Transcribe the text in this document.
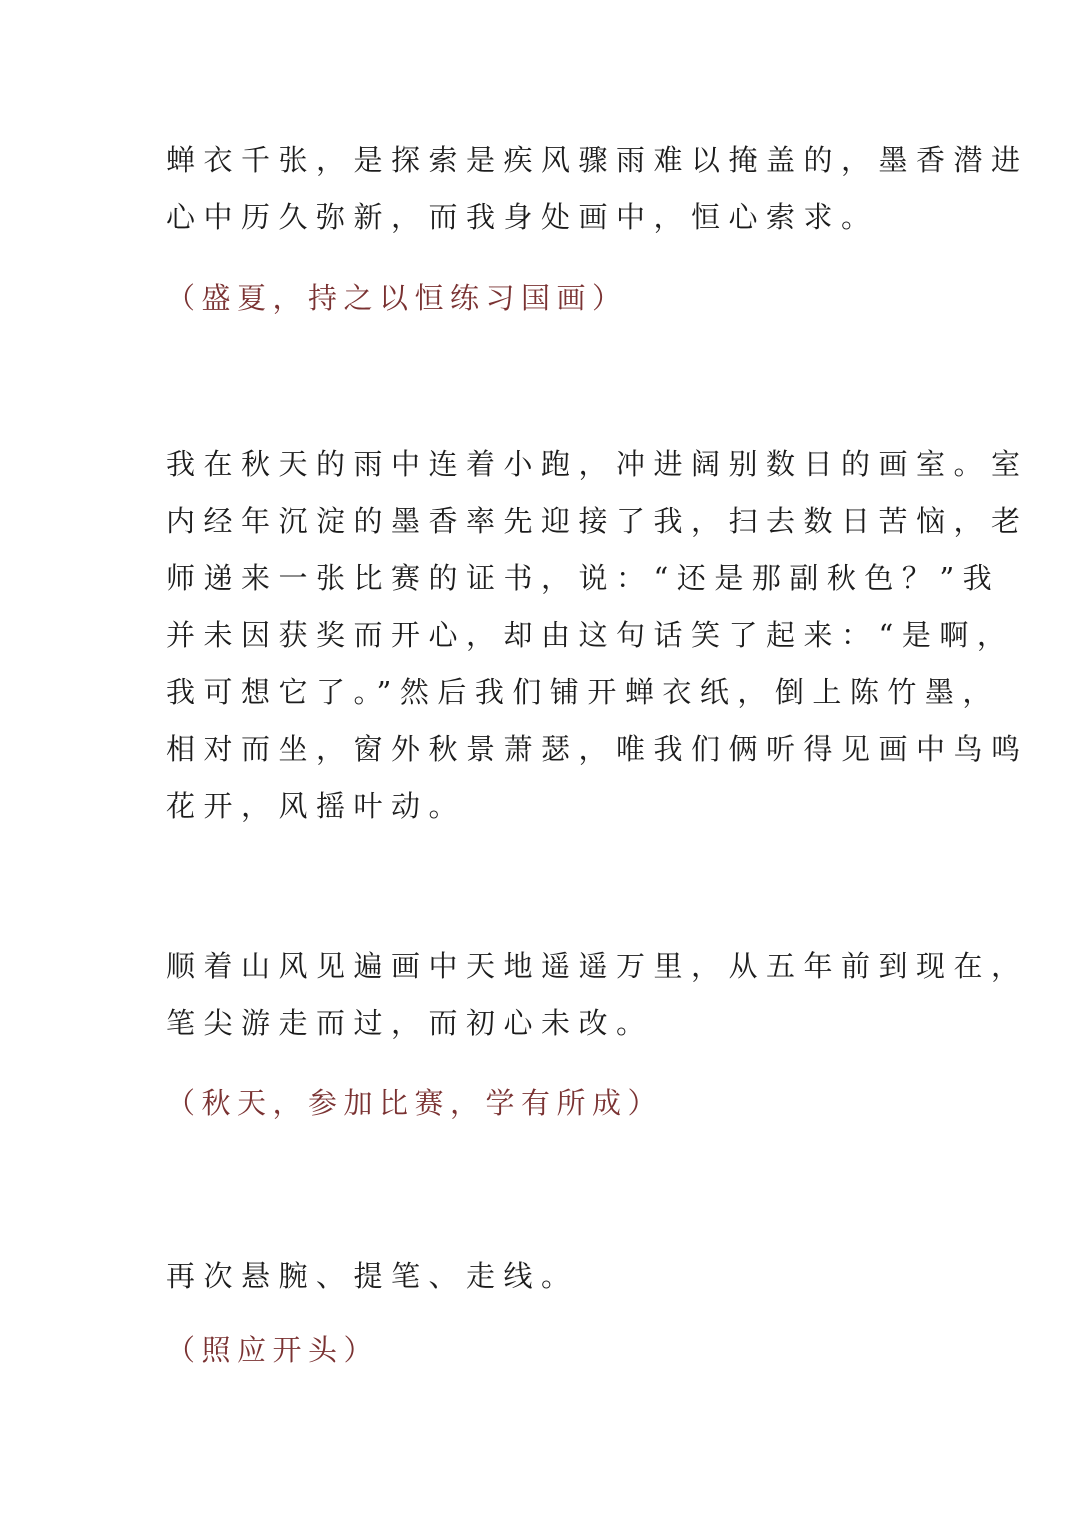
蝉衣千张，是探索是疾风骤雨难以掩盖的，墨香潜进
心中历久弥新，而我身处画中，恒心索求。

（盛夏，持之以恒练习国画）

我在秋天的雨中连着小跑，冲进阔别数日的画室。室
内经年沉淀的墨香率先迎接了我，扫去数日苦恼，老
师递来一张比赛的证书，说：“还是那副秋色？”我
并未因获奖而开心，却由这句话笑了起来：“是啊，
我可想它了。”然后我们铺开蝉衣纸，倒上陈竹墨，
相对而坐，窗外秋景萧瑟，唯我们俩听得见画中鸟鸣
花开，风摇叶动。

顺着山风见遍画中天地遥遥万里，从五年前到现在，
笔尖游走而过，而初心未改。

（秋天，参加比赛，学有所成）

再次悬腕、提笔、走线。

（照应开头）
